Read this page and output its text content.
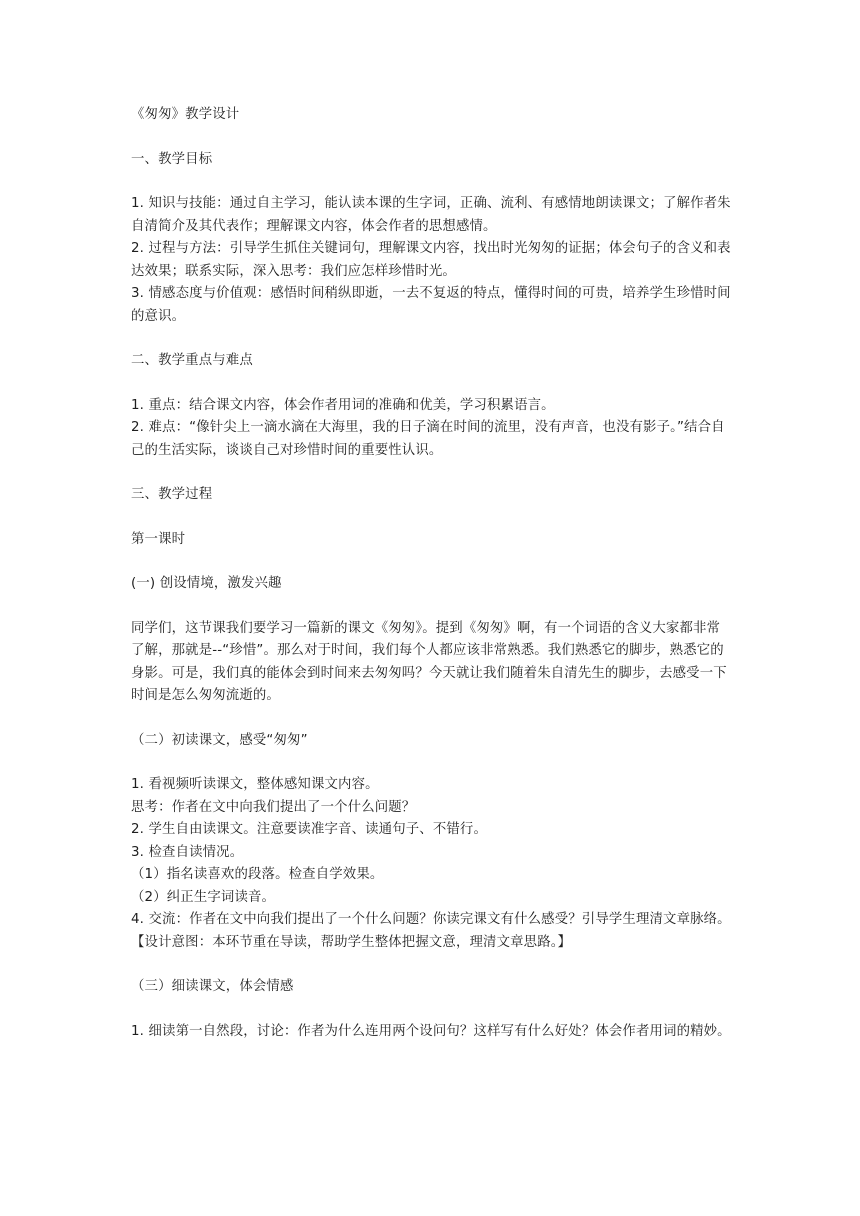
《匆匆》教学设计

一、教学目标

1. 知识与技能：通过自主学习，能认读本课的生字词，正确、流利、有感情地朗读课文；了解作者朱自清简介及其代表作；理解课文内容，体会作者的思想感情。

2. 过程与方法：引导学生抓住关键词句，理解课文内容，找出时光匆匆的证据；体会句子的含义和表达效果；联系实际，深入思考：我们应怎样珍惜时光。

3. 情感态度与价值观：感悟时间稍纵即逝，一去不复返的特点，懂得时间的可贵，培养学生珍惜时间的意识。

二、教学重点与难点

1. 重点：结合课文内容，体会作者用词的准确和优美，学习积累语言。

2. 难点：“像针尖上一滴水滴在大海里，我的日子滴在时间的流里，没有声音，也没有影子。”结合自己的生活实际，谈谈自己对珍惜时间的重要性认识。

三、教学过程

第一课时

(一) 创设情境，激发兴趣

同学们，这节课我们要学习一篇新的课文《匆匆》。提到《匆匆》啊，有一个词语的含义大家都非常了解，那就是--“珍惜”。那么对于时间，我们每个人都应该非常熟悉。我们熟悉它的脚步，熟悉它的身影。可是，我们真的能体会到时间来去匆匆吗？今天就让我们随着朱自清先生的脚步，去感受一下时间是怎么匆匆流逝的。

（二）初读课文，感受“匆匆”

1. 看视频听读课文，整体感知课文内容。

思考：作者在文中向我们提出了一个什么问题？

2. 学生自由读课文。注意要读准字音、读通句子、不错行。

3. 检查自读情况。

（1）指名读喜欢的段落。检查自学效果。

（2）纠正生字词读音。

4. 交流：作者在文中向我们提出了一个什么问题？你读完课文有什么感受？引导学生理清文章脉络。

【设计意图：本环节重在导读，帮助学生整体把握文意，理清文章思路。】

（三）细读课文，体会情感

1. 细读第一自然段，讨论：作者为什么连用两个设问句？这样写有什么好处？体会作者用词的精妙。
